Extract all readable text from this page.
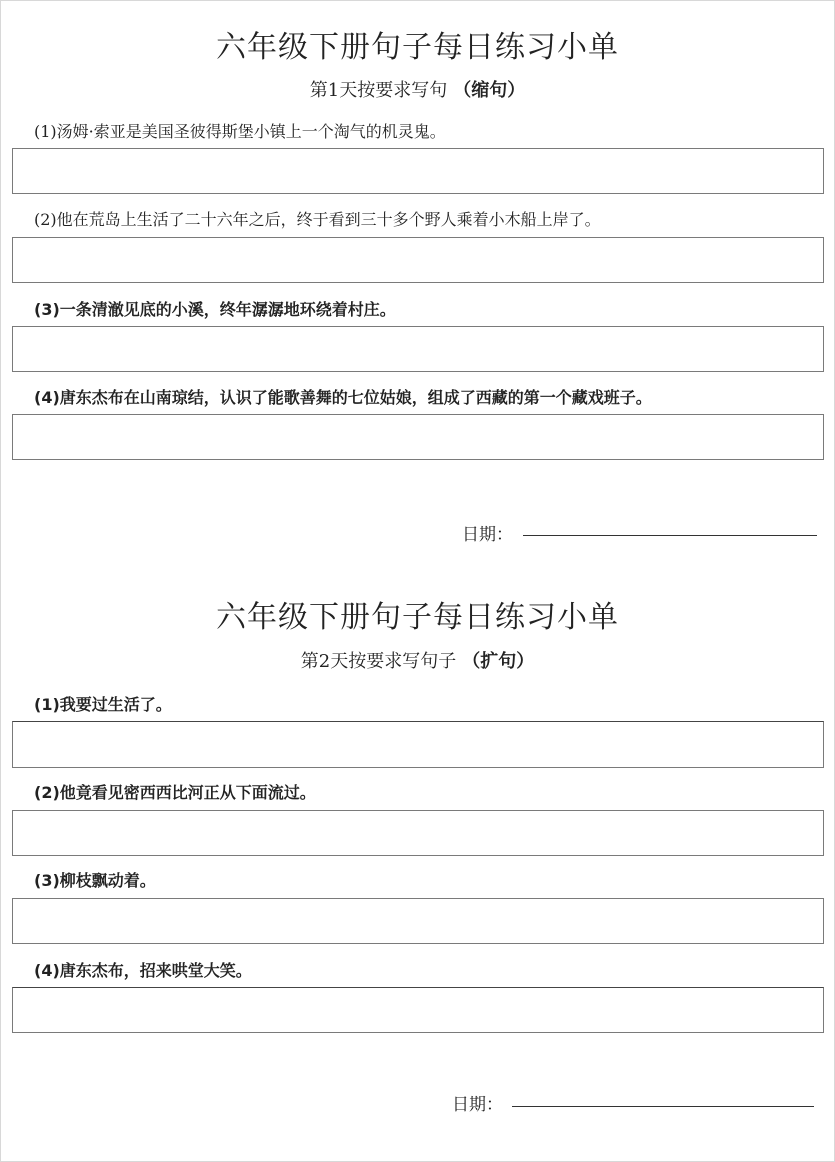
六年级下册句子每日练习小单
第1天按要求写句 （缩句）
(1)汤姆·索亚是美国圣彼得斯堡小镇上一个淘气的机灵鬼。
(2)他在荒岛上生活了二十六年之后，终于看到三十多个野人乘着小木船上岸了。
(3)一条清澈见底的小溪，终年潺潺地环绕着村庄。
(4)唐东杰布在山南琼结，认识了能歌善舞的七位姑娘，组成了西藏的第一个藏戏班子。
日期：
六年级下册句子每日练习小单
第2天按要求写句子 （扩句）
(1)我要过生活了。
(2)他竟看见密西西比河正从下面流过。
(3)柳枝飘动着。
(4)唐东杰布，招来哄堂大笑。
日期：
